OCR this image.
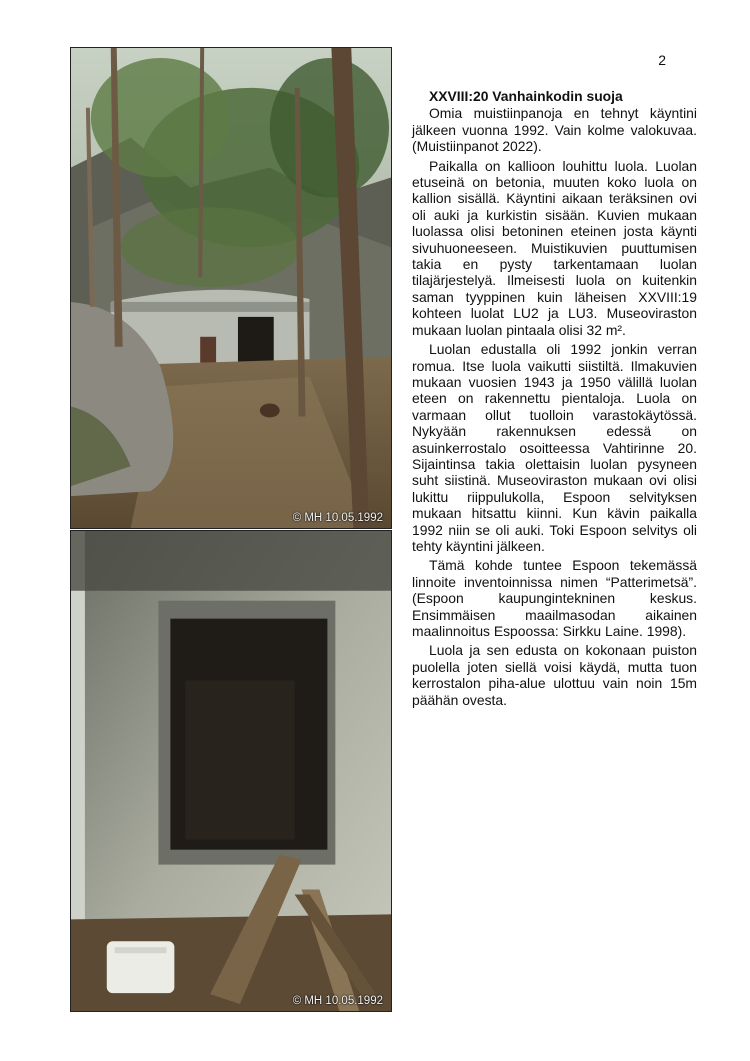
2
© MH 10.05.1992
© MH 10.05.1992
XXVIII:20 Vanhainkodin suoja

Omia muistiinpanoja en tehnyt käyntini jälkeen vuonna 1992. Vain kolme valokuvaa. (Muistiinpanot 2022).

Paikalla on kallioon louhittu luola. Luolan etuseinä on betonia, muuten koko luola on kallion sisällä. Käyntini aikaan teräksinen ovi oli auki ja kurkistin sisään. Kuvien mukaan luolassa olisi betoninen eteinen josta käynti sivuhuoneeseen. Muistikuvien puuttumisen takia en pysty tarkentamaan luolan tilajärjestelyä. Ilmeisesti luola on kuitenkin saman tyyppinen kuin läheisen XXVIII:19 kohteen luolat LU2 ja LU3. Museoviraston mukaan luolan pintaala olisi 32 m².

Luolan edustalla oli 1992 jonkin verran romua. Itse luola vaikutti siistiltä. Ilmakuvien mukaan vuosien 1943 ja 1950 välillä luolan eteen on rakennettu pientaloja. Luola on varmaan ollut tuolloin varastokäytössä. Nykyään rakennuksen edessä on asuinkerrostalo osoitteessa Vahtirinne 20. Sijaintinsa takia olettaisin luolan pysyneen suht siistinä. Museoviraston mukaan ovi olisi lukittu riippulukolla, Espoon selvityksen mukaan hitsattu kiinni. Kun kävin paikalla 1992 niin se oli auki. Toki Espoon selvitys oli tehty käyntini jälkeen.

Tämä kohde tuntee Espoon tekemässä linnoite inventoinnissa nimen “Patterimetsä”. (Espoon kaupungintekninen keskus. Ensimmäisen maailmasodan aikainen maalinnoitus Espoossa: Sirkku Laine. 1998).

Luola ja sen edusta on kokonaan puiston puolella joten siellä voisi käydä, mutta tuon kerrostalon piha-alue ulottuu vain noin 15m päähän ovesta.
